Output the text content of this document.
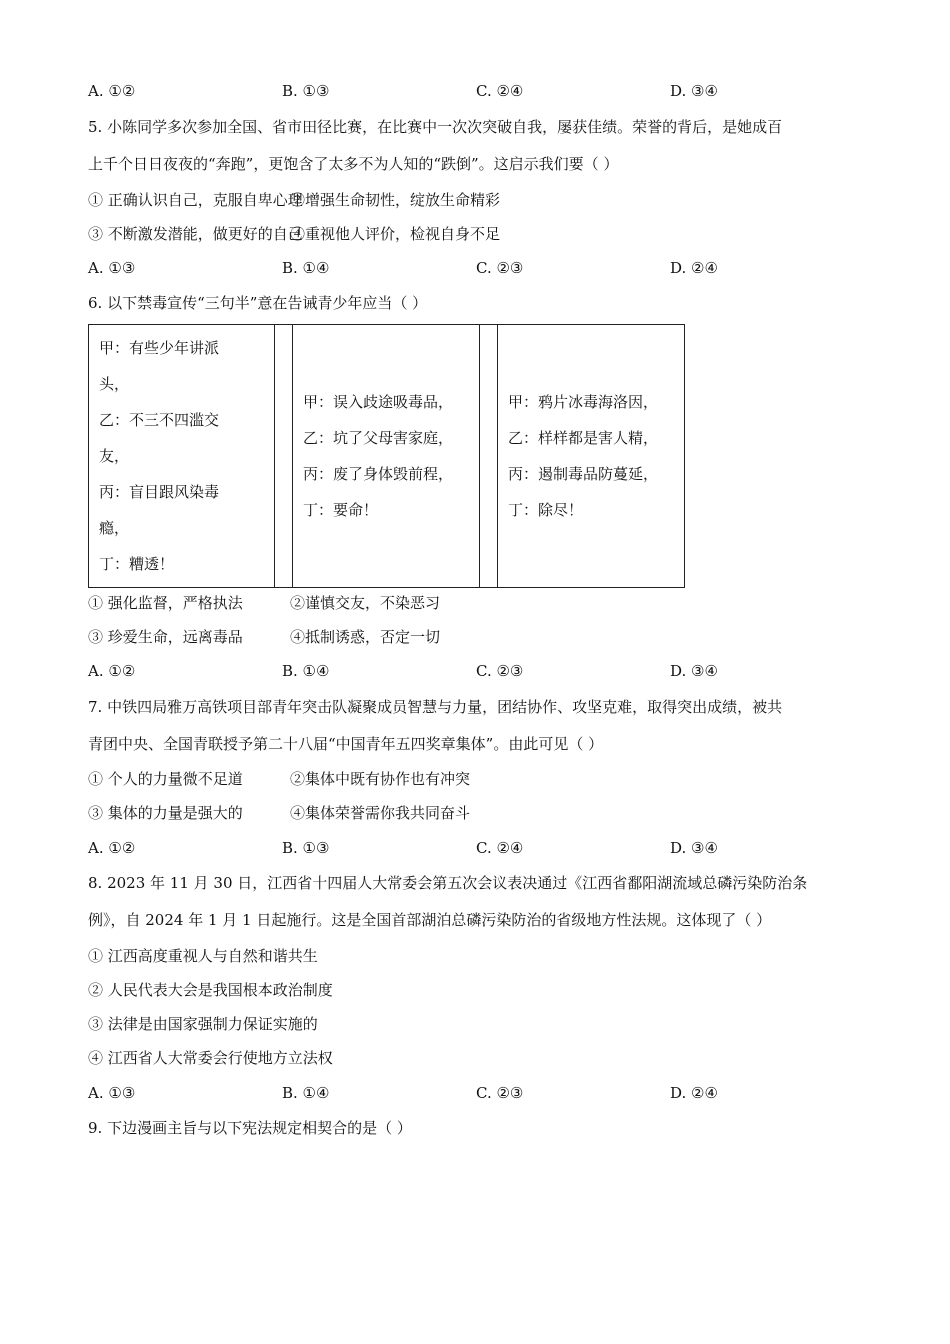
A. ①②	B. ①③	C. ②④	D. ③④
5. 小陈同学多次参加全国、省市田径比赛，在比赛中一次次突破自我，屡获佳绩。荣誉的背后，是她成百
上千个日日夜夜的“奔跑”，更饱含了太多不为人知的“跌倒”。这启示我们要（ ）
① 正确认识自己，克服自卑心理
②增强生命韧性，绽放生命精彩
③ 不断激发潜能，做更好的自己
④重视他人评价，检视自身不足
A. ①③	B. ①④	C. ②③	D. ②④
6. 以下禁毒宣传“三句半”意在告诫青少年应当（ ）
甲：有些少年讲派
头，
乙：不三不四滥交
友，
丙：盲目跟风染毒
瘾，
丁：糟透！

甲：误入歧途吸毒品，
乙：坑了父母害家庭，
丙：废了身体毁前程，
丁：要命！

甲：鸦片冰毒海洛因，
乙：样样都是害人精，
丙：遏制毒品防蔓延，
丁：除尽！
① 强化监督，严格执法	②谨慎交友，不染恶习
③ 珍爱生命，远离毒品	④抵制诱惑，否定一切
A. ①②	B. ①④	C. ②③	D. ③④
7. 中铁四局雅万高铁项目部青年突击队凝聚成员智慧与力量，团结协作、攻坚克难，取得突出成绩，被共
青团中央、全国青联授予第二十八届“中国青年五四奖章集体”。由此可见（ ）
① 个人的力量微不足道	②集体中既有协作也有冲突
③ 集体的力量是强大的	④集体荣誉需你我共同奋斗
A. ①②	B. ①③	C. ②④	D. ③④
8. 2023 年 11 月 30 日，江西省十四届人大常委会第五次会议表决通过《江西省鄱阳湖流域总磷污染防治条
例》，自 2024 年 1 月 1 日起施行。这是全国首部湖泊总磷污染防治的省级地方性法规。这体现了（ ）
① 江西高度重视人与自然和谐共生
② 人民代表大会是我国根本政治制度
③ 法律是由国家强制力保证实施的
④ 江西省人大常委会行使地方立法权
A. ①③	B. ①④	C. ②③	D. ②④
9. 下边漫画主旨与以下宪法规定相契合的是（ ）
